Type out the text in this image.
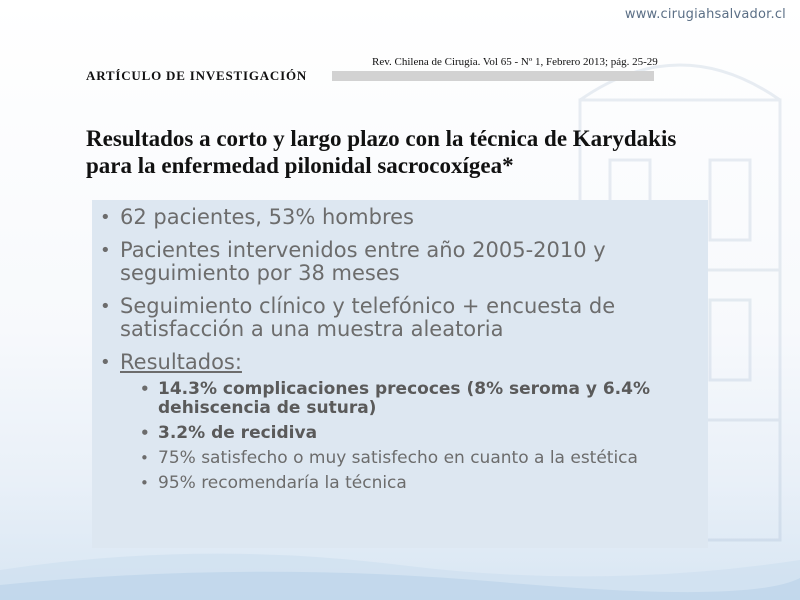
www.cirugiahsalvador.cl
Rev. Chilena de Cirugía. Vol 65 - Nº 1, Febrero 2013; pág. 25-29
ARTÍCULO DE INVESTIGACIÓN
Resultados a corto y largo plazo con la técnica de Karydakis para la enfermedad pilonidal sacrocoxígea*
• 62 pacientes, 53% hombres
• Pacientes intervenidos entre año 2005-2010 y seguimiento por 38 meses
• Seguimiento clínico y telefónico + encuesta de satisfacción a una muestra aleatoria
• Resultados:
• 14.3% complicaciones precoces (8% seroma y 6.4% dehiscencia de sutura)
• 3.2% de recidiva
• 75% satisfecho o muy satisfecho en cuanto a la estética
• 95% recomendaría la técnica
